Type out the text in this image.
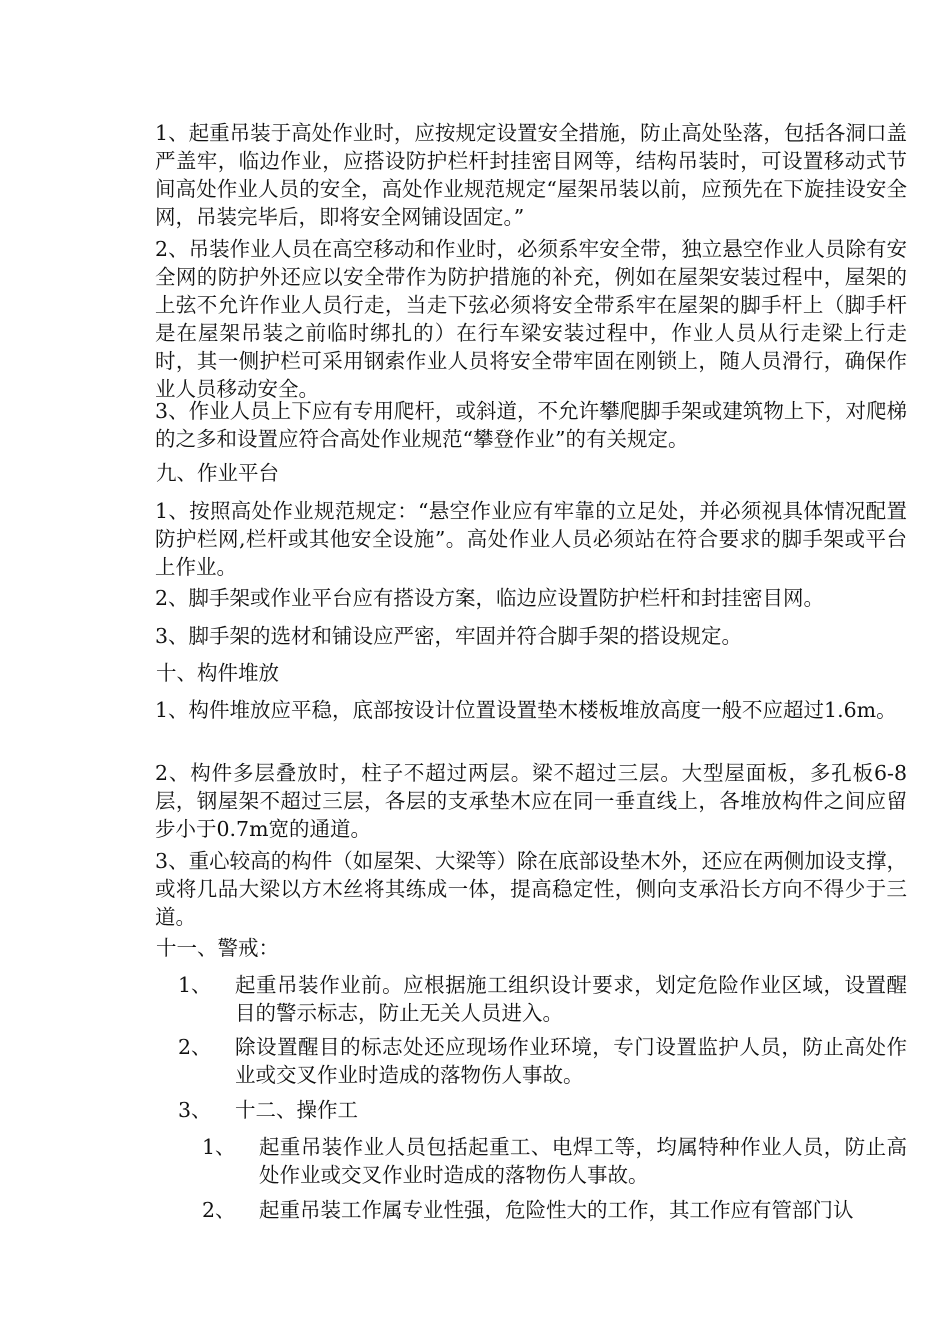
1、起重吊装于高处作业时，应按规定设置安全措施，防止高处坠落，包括各洞口盖严盖牢，临边作业，应搭设防护栏杆封挂密目网等，结构吊装时，可设置移动式节间高处作业人员的安全，高处作业规范规定“屋架吊装以前，应预先在下旋挂设安全网，吊装完毕后，即将安全网铺设固定。”

2、吊装作业人员在高空移动和作业时，必须系牢安全带，独立悬空作业人员除有安全网的防护外还应以安全带作为防护措施的补充，例如在屋架安装过程中，屋架的上弦不允许作业人员行走，当走下弦必须将安全带系牢在屋架的脚手杆上（脚手杆是在屋架吊装之前临时绑扎的）在行车梁安装过程中，作业人员从行走梁上行走时，其一侧护栏可采用钢索作业人员将安全带牢固在刚锁上，随人员滑行，确保作业人员移动安全。

3、作业人员上下应有专用爬杆，或斜道，不允许攀爬脚手架或建筑物上下，对爬梯的之多和设置应符合高处作业规范“攀登作业”的有关规定。

九、作业平台

1、按照高处作业规范规定：“悬空作业应有牢靠的立足处，并必须视具体情况配置防护栏网,栏杆或其他安全设施”。高处作业人员必须站在符合要求的脚手架或平台上作业。

2、脚手架或作业平台应有搭设方案，临边应设置防护栏杆和封挂密目网。

3、脚手架的选材和铺设应严密，牢固并符合脚手架的搭设规定。

十、构件堆放

1、构件堆放应平稳，底部按设计位置设置垫木楼板堆放高度一般不应超过1.6m。

2、构件多层叠放时，柱子不超过两层。梁不超过三层。大型屋面板，多孔板6-8层，钢屋架不超过三层，各层的支承垫木应在同一垂直线上，各堆放构件之间应留步小于0.7m宽的通道。

3、重心较高的构件（如屋架、大梁等）除在底部设垫木外，还应在两侧加设支撑，或将几品大梁以方木丝将其练成一体，提高稳定性，侧向支承沿长方向不得少于三道。

十一、警戒：
1、 起重吊装作业前。应根据施工组织设计要求，划定危险作业区域，设置醒目的警示标志，防止无关人员进入。

2、 除设置醒目的标志处还应现场作业环境，专门设置监护人员，防止高处作业或交叉作业时造成的落物伤人事故。

3、 十二、操作工

1、 起重吊装作业人员包括起重工、电焊工等，均属特种作业人员，防止高处作业或交叉作业时造成的落物伤人事故。

2、 起重吊装工作属专业性强，危险性大的工作，其工作应有管部门认
